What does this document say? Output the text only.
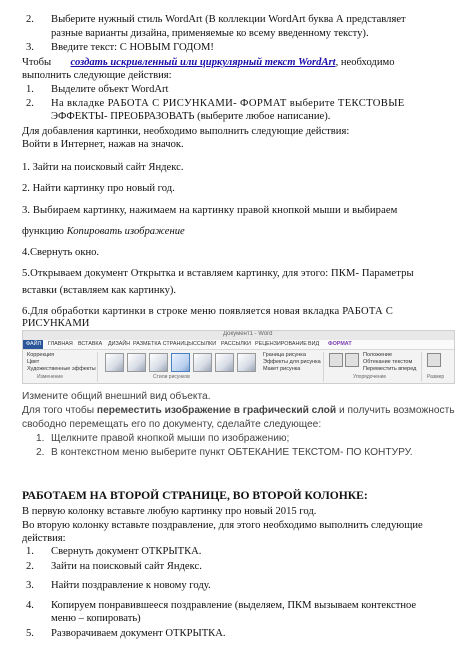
2. Выберите нужный стиль WordArt (В коллекции WordArt буква А представляет
разные варианты дизайна, применяемые ко всему введенному тексту).
3. Введите текст: С НОВЫМ ГОДОМ!
Чтобы создать искривленный или циркулярный текст WordArt, необходимо
выполнить следующие действия:
1. Выделите объект WordArt
2. На вкладке РАБОТА С РИСУНКАМИ- ФОРМАТ выберите ТЕКСТОВЫЕ
ЭФФЕКТЫ- ПРЕОБРАЗОВАТЬ (выберите любое написание).
Для добавления картинки, необходимо выполнить следующие действия:
Войти в Интернет, нажав на значок.
1. Зайти на поисковый сайт Яндекс.
2. Найти картинку про новый год.
3. Выбираем картинку, нажимаем на картинку правой кнопкой мыши и выбираем
функцию Копировать изображение
4.Свернуть окно.
5.Открываем документ Открытка и вставляем картинку, для этого: ПКМ- Параметры
вставки (вставляем как картинку).
6.Для обработки картинки в строке меню появляется новая вкладка РАБОТА С
РИСУНКАМИ
Документ1 - Word
ФАЙЛ ГЛАВНАЯ ВСТАВКА ДИЗАЙН РАЗМЕТКА СТРАНИЦЫ ССЫЛКИ РАССЫЛКИ РЕЦЕНЗИРОВАНИЕ ВИД ФОРМАТ
Коррекция
Цвет
Художественные эффекты
Изменение	Стили рисунков
Граница рисунка
Эффекты для рисунка
Макет рисунка
Положение
Обтекание текстом
Переместить вперед
Упорядочение	Размер
Измените общий внешний вид объекта.
Для того чтобы переместить изображение в графический слой и получить возможность
свободно перемещать его по документу, сделайте следующее:
1. Щелкните правой кнопкой мыши по изображению;
2. В контекстном меню выберите пункт ОБТЕКАНИЕ ТЕКСТОМ- ПО КОНТУРУ.
РАБОТАЕМ НА ВТОРОЙ СТРАНИЦЕ, ВО ВТОРОЙ КОЛОНКЕ:
В первую колонку вставьте любую картинку про новый 2015 год.
Во вторую колонку вставьте поздравление, для этого необходимо выполнить следующие
действия:
1. Свернуть документ ОТКРЫТКА.
2. Зайти на поисковый сайт Яндекс.
3. Найти поздравление к новому году.
4. Копируем понравившееся поздравление (выделяем, ПКМ вызываем контекстное
меню – копировать)
5. Разворачиваем документ ОТКРЫТКА.
